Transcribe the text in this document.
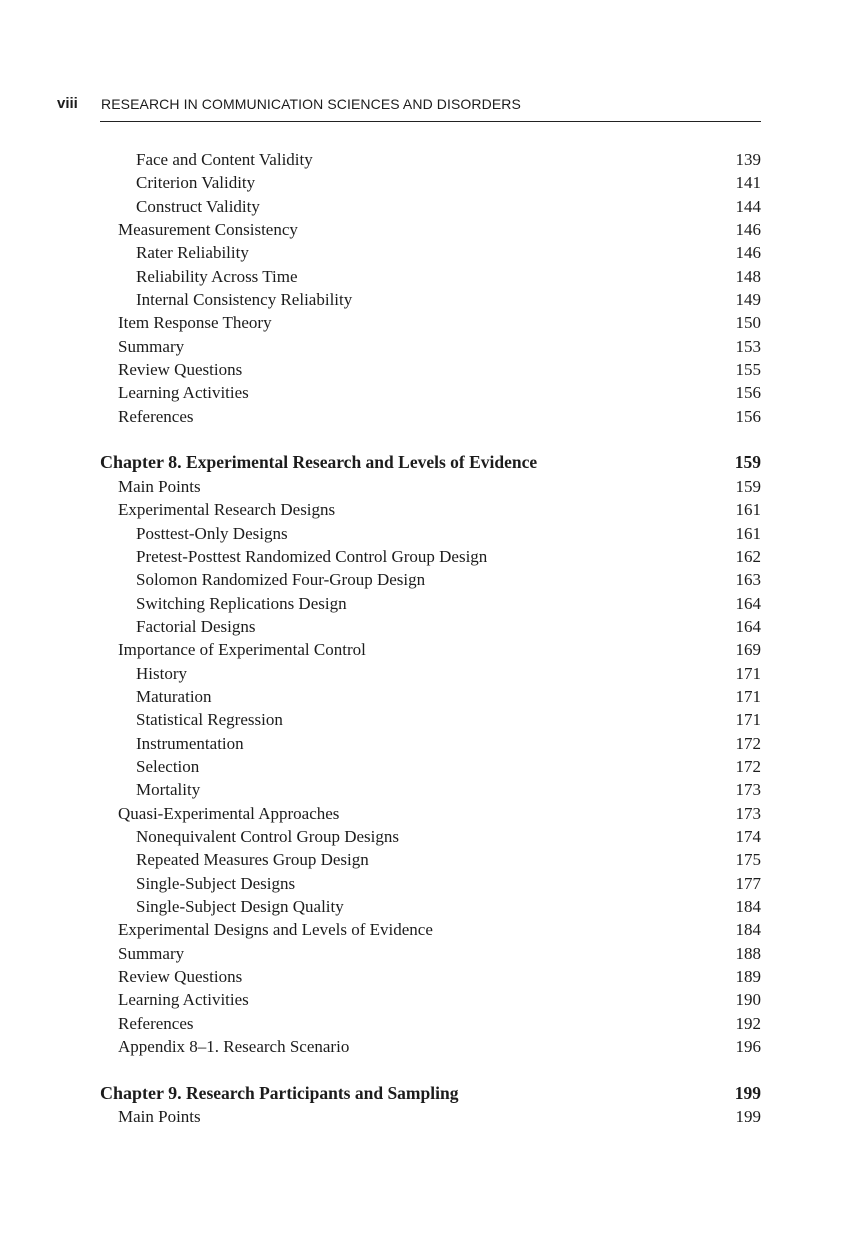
viii RESEARCH IN COMMUNICATION SCIENCES AND DISORDERS
Face and Content Validity	139
Criterion Validity	141
Construct Validity	144
Measurement Consistency	146
Rater Reliability	146
Reliability Across Time	148
Internal Consistency Reliability	149
Item Response Theory	150
Summary	153
Review Questions	155
Learning Activities	156
References	156
Chapter 8. Experimental Research and Levels of Evidence	159
Main Points	159
Experimental Research Designs	161
Posttest-Only Designs	161
Pretest-Posttest Randomized Control Group Design	162
Solomon Randomized Four-Group Design	163
Switching Replications Design	164
Factorial Designs	164
Importance of Experimental Control	169
History	171
Maturation	171
Statistical Regression	171
Instrumentation	172
Selection	172
Mortality	173
Quasi-Experimental Approaches	173
Nonequivalent Control Group Designs	174
Repeated Measures Group Design	175
Single-Subject Designs	177
Single-Subject Design Quality	184
Experimental Designs and Levels of Evidence	184
Summary	188
Review Questions	189
Learning Activities	190
References	192
Appendix 8–1. Research Scenario	196
Chapter 9. Research Participants and Sampling	199
Main Points	199
